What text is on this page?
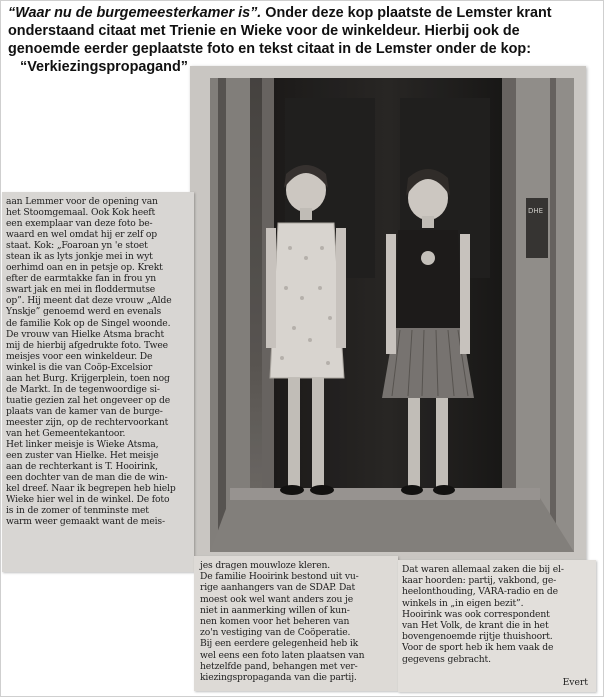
“Waar nu de burgemeesterkamer is”. Onder deze kop plaatste de Lemster krant
onderstaand citaat met Trienie en Wieke voor de winkeldeur. Hierbij ook de
genoemde eerder geplaatste foto en tekst citaat in de Lemster onder de kop:
“Verkiezingspropagand”
DHE
aan Lemmer voor de opening van
het Stoomgemaal. Ook Kok heeft
een exemplaar van deze foto be-
waard en wel omdat hij er zelf op
staat. Kok: „Foaroan yn 'e stoet
stean ik as lyts jonkje mei in wyt
oerhimd oan en in petsje op. Krekt
efter de earmtakke fan in frou yn
swart jak en mei in floddermutse
op”. Hij meent dat deze vrouw „Alde
Ynskje” genoemd werd en evenals
de familie Kok op de Singel woonde.
De vrouw van Hielke Atsma bracht
mij de hierbij afgedrukte foto. Twee
meisjes voor een winkeldeur. De
winkel is die van Coöp-Excelsior
aan het Burg. Krijgerplein, toen nog
de Markt. In de tegenwoordige si-
tuatie gezien zal het ongeveer op de
plaats van de kamer van de burge-
meester zijn, op de rechtervoorkant
van het Gemeentekantoor.
Het linker meisje is Wieke Atsma,
een zuster van Hielke. Het meisje
aan de rechterkant is T. Hooirink,
een dochter van de man die de win-
kel dreef. Naar ik begrepen heb hielp
Wieke hier wel in de winkel. De foto
is in de zomer of tenminste met
warm weer gemaakt want de meis-
jes dragen mouwloze kleren.
De familie Hooirink bestond uit vu-
rige aanhangers van de SDAP. Dat
moest ook wel want anders zou je
niet in aanmerking willen of kun-
nen komen voor het beheren van
zo'n vestiging van de Coöperatie.
Bij een eerdere gelegenheid heb ik
wel eens een foto laten plaatsen van
hetzelfde pand, behangen met ver-
kiezingspropaganda van die partij.
Dat waren allemaal zaken die bij el-
kaar hoorden: partij, vakbond, ge-
heelonthouding, VARA-radio en de
winkels in „in eigen bezit”.
Hooirink was ook correspondent
van Het Volk, de krant die in het
bovengenoemde rijtje thuishoort.
Voor de sport heb ik hem vaak de
gegevens gebracht.
Evert
